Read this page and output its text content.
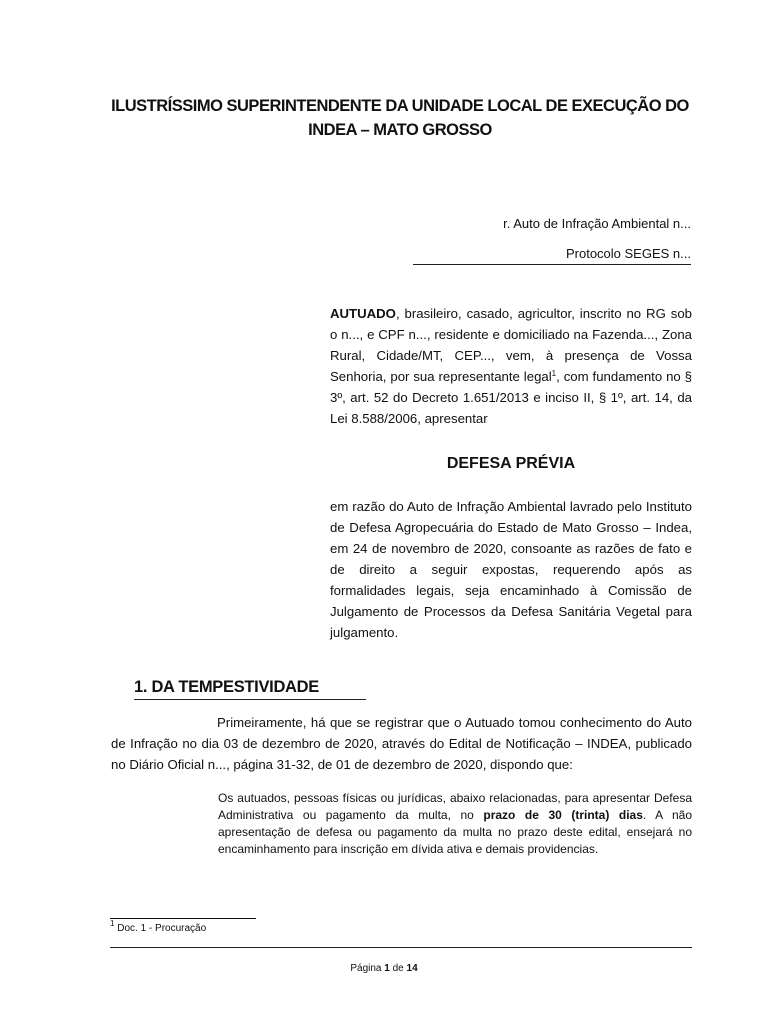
ILUSTRÍSSIMO SUPERINTENDENTE DA UNIDADE LOCAL DE EXECUÇÃO DO
INDEA – MATO GROSSO

r. Auto de Infração Ambiental n...

Protocolo SEGES n...

AUTUADO, brasileiro, casado, agricultor, inscrito no RG sob o n..., e CPF n..., residente e domiciliado na Fazenda..., Zona Rural, Cidade/MT, CEP..., vem, à presença de Vossa Senhoria, por sua representante legal$^1$, com fundamento no § 3º, art. 52 do Decreto 1.651/2013 e inciso II, § 1º, art. 14, da Lei 8.588/2006, apresentar

DEFESA PRÉVIA

em razão do Auto de Infração Ambiental lavrado pelo Instituto de Defesa Agropecuária do Estado de Mato Grosso – Indea, em 24 de novembro de 2020, consoante as razões de fato e de direito a seguir expostas, requerendo após as formalidades legais, seja encaminhado à Comissão de Julgamento de Processos da Defesa Sanitária Vegetal para julgamento.

1. DA TEMPESTIVIDADE

Primeiramente, há que se registrar que o Autuado tomou conhecimento do Auto de Infração no dia 03 de dezembro de 2020, através do Edital de Notificação – INDEA, publicado no Diário Oficial n..., página 31-32, de 01 de dezembro de 2020, dispondo que:

Os autuados, pessoas físicas ou jurídicas, abaixo relacionadas, para apresentar Defesa Administrativa ou pagamento da multa, no prazo de 30 (trinta) dias. A não apresentação de defesa ou pagamento da multa no prazo deste edital, ensejará no encaminhamento para inscrição em dívida ativa e demais providencias.

$^1$ Doc. 1 - Procuração

Página 1 de 14
